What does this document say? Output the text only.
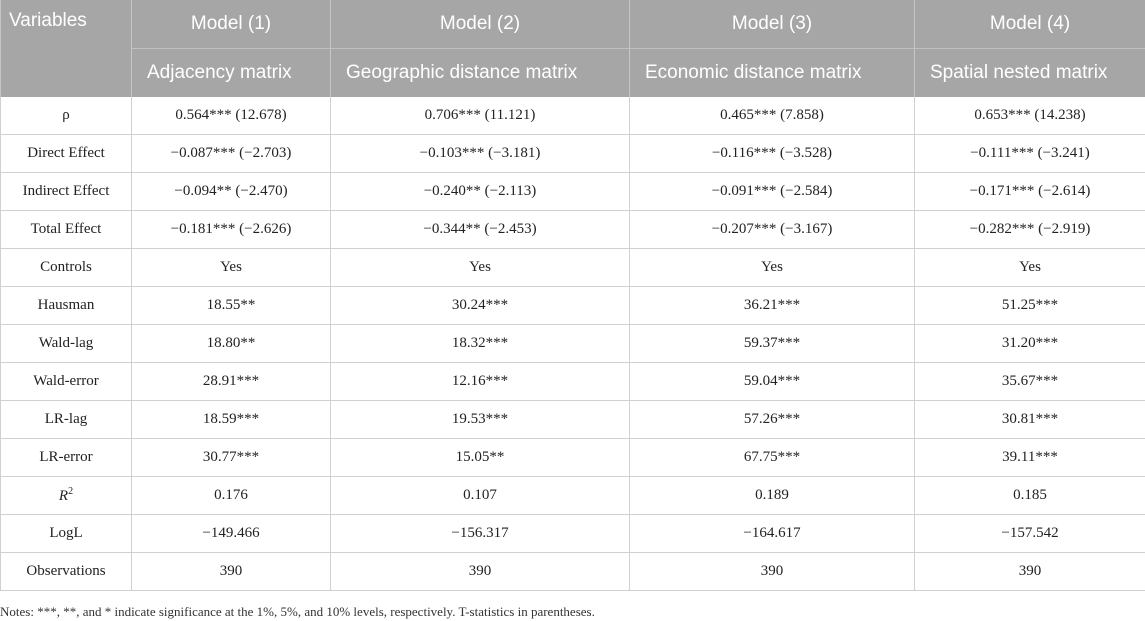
Variables	Model (1)	Model (2)	Model (3)	Model (4)
	Adjacency matrix	Geographic distance matrix	Economic distance matrix	Spatial nested matrix
ρ	0.564*** (12.678)	0.706*** (11.121)	0.465*** (7.858)	0.653*** (14.238)
Direct Effect	−0.087*** (−2.703)	−0.103*** (−3.181)	−0.116*** (−3.528)	−0.111*** (−3.241)
Indirect Effect	−0.094** (−2.470)	−0.240** (−2.113)	−0.091*** (−2.584)	−0.171*** (−2.614)
Total Effect	−0.181*** (−2.626)	−0.344** (−2.453)	−0.207*** (−3.167)	−0.282*** (−2.919)
Controls	Yes	Yes	Yes	Yes
Hausman	18.55**	30.24***	36.21***	51.25***
Wald-lag	18.80**	18.32***	59.37***	31.20***
Wald-error	28.91***	12.16***	59.04***	35.67***
LR-lag	18.59***	19.53***	57.26***	30.81***
LR-error	30.77***	15.05**	67.75***	39.11***
$R^2$	0.176	0.107	0.189	0.185
LogL	−149.466	−156.317	−164.617	−157.542
Observations	390	390	390	390
Notes: ***, **, and * indicate significance at the 1%, 5%, and 10% levels, respectively. T-statistics in parentheses.
